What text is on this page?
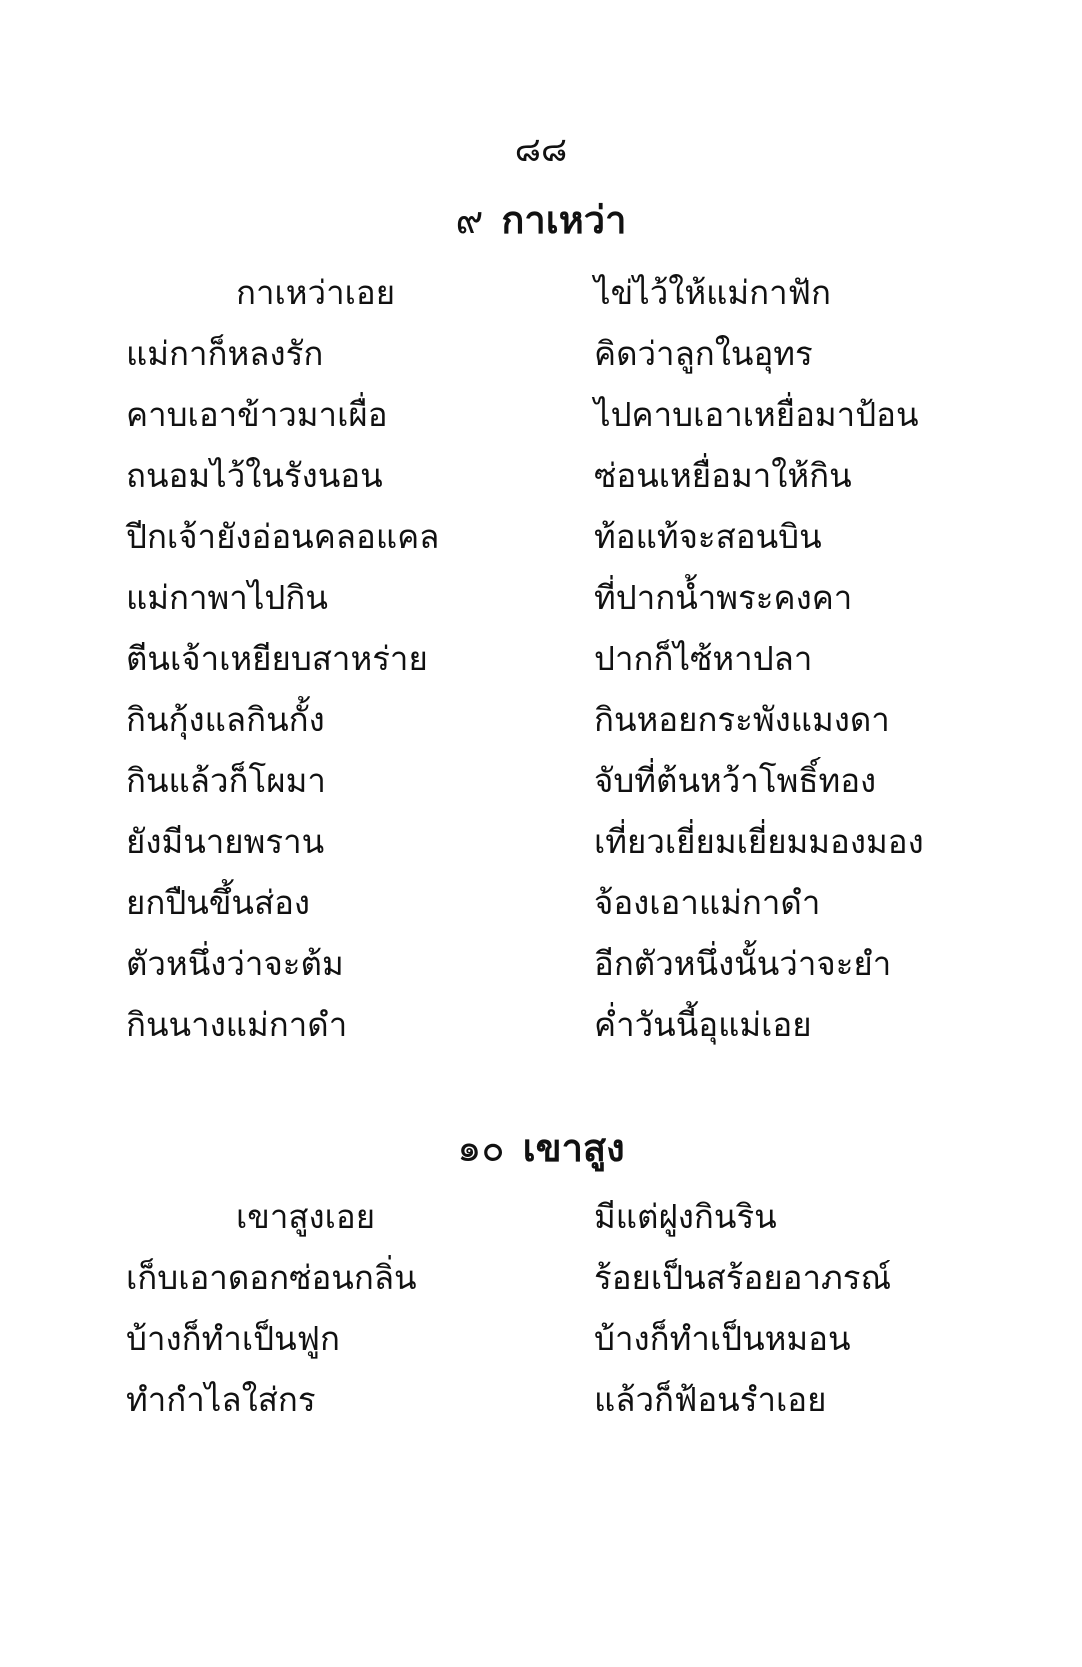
๘๘
๙ กาเหว่า
กาเหว่าเอย	ไข่ไว้ให้แม่กาฟัก
แม่กาก็หลงรัก	คิดว่าลูกในอุทร
คาบเอาข้าวมาเผื่อ	ไปคาบเอาเหยื่อมาป้อน
ถนอมไว้ในรังนอน	ซ่อนเหยื่อมาให้กิน
ปีกเจ้ายังอ่อนคลอแคล	ท้อแท้จะสอนบิน
แม่กาพาไปกิน	ที่ปากน้ำพระคงคา
ตีนเจ้าเหยียบสาหร่าย	ปากก็ไซ้หาปลา
กินกุ้งแลกินกั้ง	กินหอยกระพังแมงดา
กินแล้วก็โผมา	จับที่ต้นหว้าโพธิ์ทอง
ยังมีนายพราน	เที่ยวเยี่ยมเยี่ยมมองมอง
ยกปืนขึ้นส่อง	จ้องเอาแม่กาดำ
ตัวหนึ่งว่าจะต้ม	อีกตัวหนึ่งนั้นว่าจะยำ
กินนางแม่กาดำ	ค่ำวันนี้อุแม่เอย
๑๐ เขาสูง
เขาสูงเอย	มีแต่ฝูงกินริน
เก็บเอาดอกซ่อนกลิ่น	ร้อยเป็นสร้อยอาภรณ์
บ้างก็ทำเป็นฟูก	บ้างก็ทำเป็นหมอน
ทำกำไลใส่กร	แล้วก็ฟ้อนรำเอย
